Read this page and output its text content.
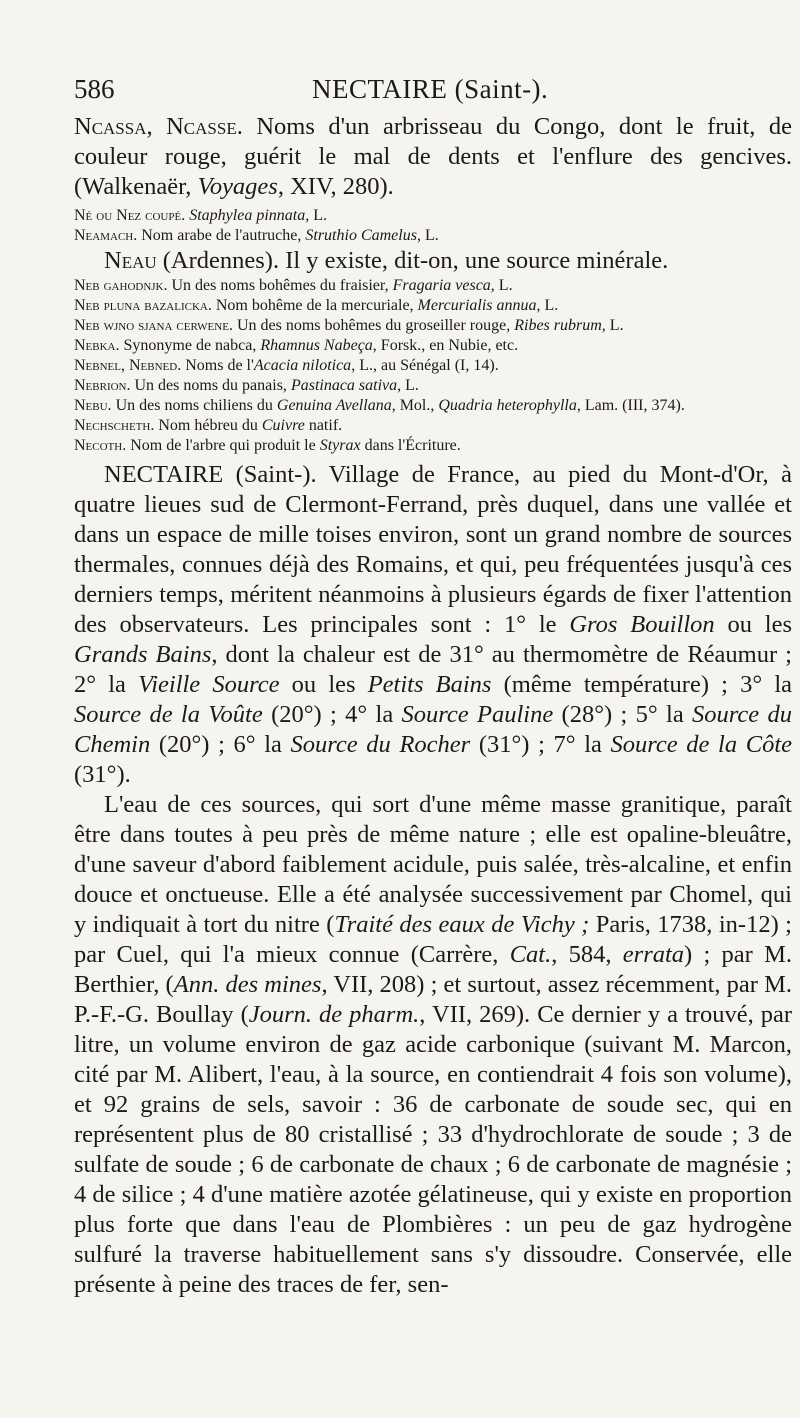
586	NECTAIRE (Saint-).

Ncassa, Ncasse. Noms d'un arbrisseau du Congo, dont le fruit, de couleur rouge, guérit le mal de dents et l'enflure des gencives. (Walkenaër, Voyages, XIV, 280).

Né ou Nez coupé. Staphylea pinnata, L.

Neamach. Nom arabe de l'autruche, Struthio Camelus, L.

Neau (Ardennes). Il y existe, dit-on, une source minérale.

Neb gahodnjk. Un des noms bohêmes du fraisier, Fragaria vesca, L.

Neb pluna bazalicka. Nom bohême de la mercuriale, Mercurialis annua, L.

Neb wjno sjana cerwene. Un des noms bohêmes du groseiller rouge, Ribes rubrum, L.

Nebka. Synonyme de nabca, Rhamnus Nabeça, Forsk., en Nubie, etc.

Nebnel, Nebned. Noms de l'Acacia nilotica, L., au Sénégal (I, 14).

Nebrion. Un des noms du panais, Pastinaca sativa, L.

Nebu. Un des noms chiliens du Genuina Avellana, Mol., Quadria heterophylla, Lam. (III, 374).

Nechscheth. Nom hébreu du Cuivre natif.

Necoth. Nom de l'arbre qui produit le Styrax dans l'Écriture.

NECTAIRE (Saint-). Village de France, au pied du Mont-d'Or, à quatre lieues sud de Clermont-Ferrand, près duquel, dans une vallée et dans un espace de mille toises environ, sont un grand nombre de sources thermales, connues déjà des Romains, et qui, peu fréquentées jusqu'à ces derniers temps, méritent néanmoins à plusieurs égards de fixer l'attention des observateurs. Les principales sont : 1° le Gros Bouillon ou les Grands Bains, dont la chaleur est de 31° au thermomètre de Réaumur ; 2° la Vieille Source ou les Petits Bains (même température) ; 3° la Source de la Voûte (20°) ; 4° la Source Pauline (28°) ; 5° la Source du Chemin (20°) ; 6° la Source du Rocher (31°) ; 7° la Source de la Côte (31°).

L'eau de ces sources, qui sort d'une même masse granitique, paraît être dans toutes à peu près de même nature ; elle est opaline-bleuâtre, d'une saveur d'abord faiblement acidule, puis salée, très-alcaline, et enfin douce et onctueuse. Elle a été analysée successivement par Chomel, qui y indiquait à tort du nitre (Traité des eaux de Vichy ; Paris, 1738, in-12) ; par Cuel, qui l'a mieux connue (Carrère, Cat., 584, errata) ; par M. Berthier, (Ann. des mines, VII, 208) ; et surtout, assez récemment, par M. P.-F.-G. Boullay (Journ. de pharm., VII, 269). Ce dernier y a trouvé, par litre, un volume environ de gaz acide carbonique (suivant M. Marcon, cité par M. Alibert, l'eau, à la source, en contiendrait 4 fois son volume), et 92 grains de sels, savoir : 36 de carbonate de soude sec, qui en représentent plus de 80 cristallisé ; 33 d'hydrochlorate de soude ; 3 de sulfate de soude ; 6 de carbonate de chaux ; 6 de carbonate de magnésie ; 4 de silice ; 4 d'une matière azotée gélatineuse, qui y existe en proportion plus forte que dans l'eau de Plombières : un peu de gaz hydrogène sulfuré la traverse habituellement sans s'y dissoudre. Conservée, elle présente à peine des traces de fer, sen-
